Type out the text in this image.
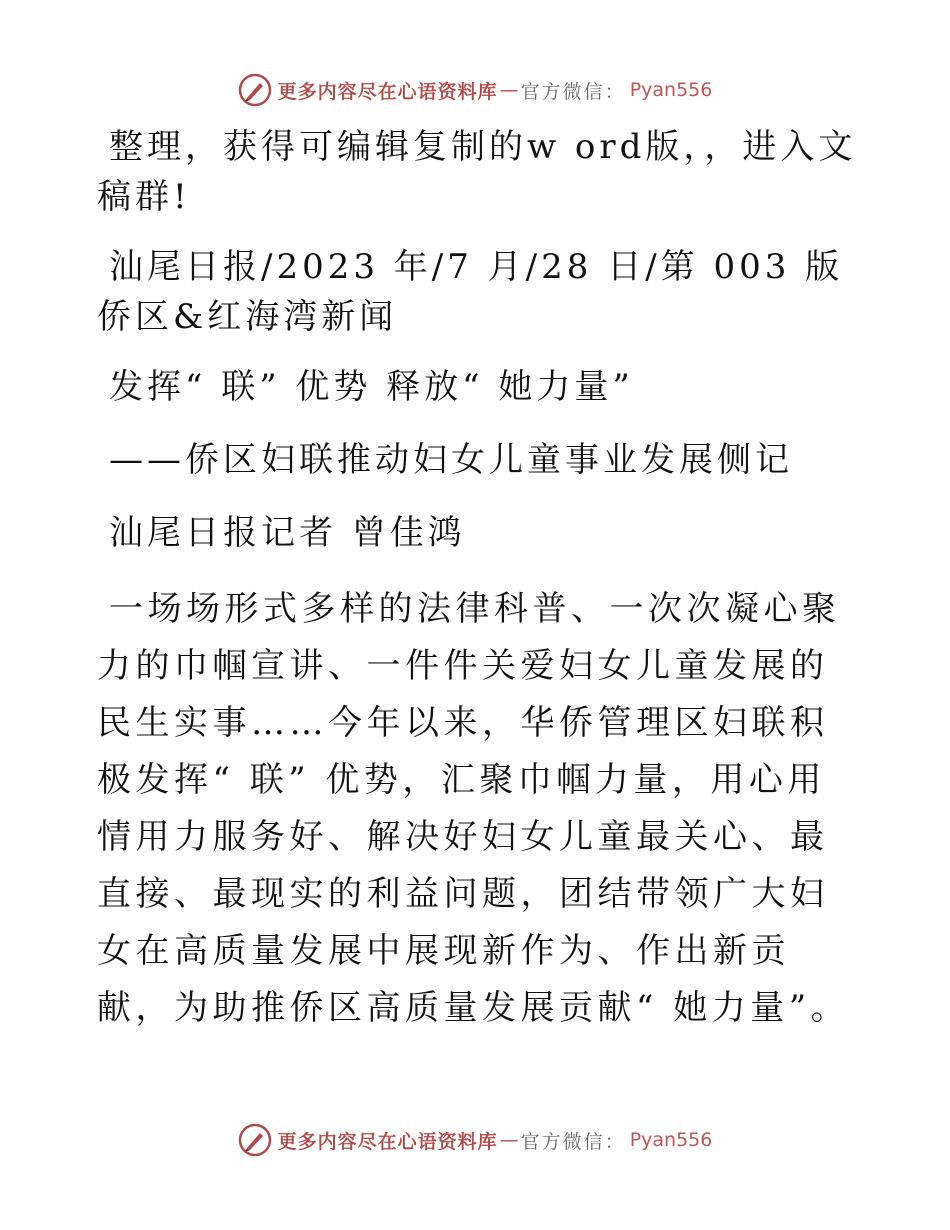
更多内容尽在心语资料库 — 官方微信： Pyan556

整理，获得可编辑复制的w ord版，，进入文稿群!

汕尾日报/2023 年/7 月/28 日/第 003 版侨区&红海湾新闻

发挥“ 联” 优势 释放“ 她力量”

——侨区妇联推动妇女儿童事业发展侧记

汕尾日报记者 曾佳鸿

一场场形式多样的法律科普、一次次凝心聚力的巾帼宣讲、一件件关爱妇女儿童发展的民生实事……今年以来，华侨管理区妇联积极发挥“ 联” 优势，汇聚巾帼力量，用心用情用力服务好、解决好妇女儿童最关心、最直接、最现实的利益问题，团结带领广大妇女在高质量发展中展现新作为、作出新贡献，为助推侨区高质量发展贡献“ 她力量”。

更多内容尽在心语资料库 — 官方微信： Pyan556
